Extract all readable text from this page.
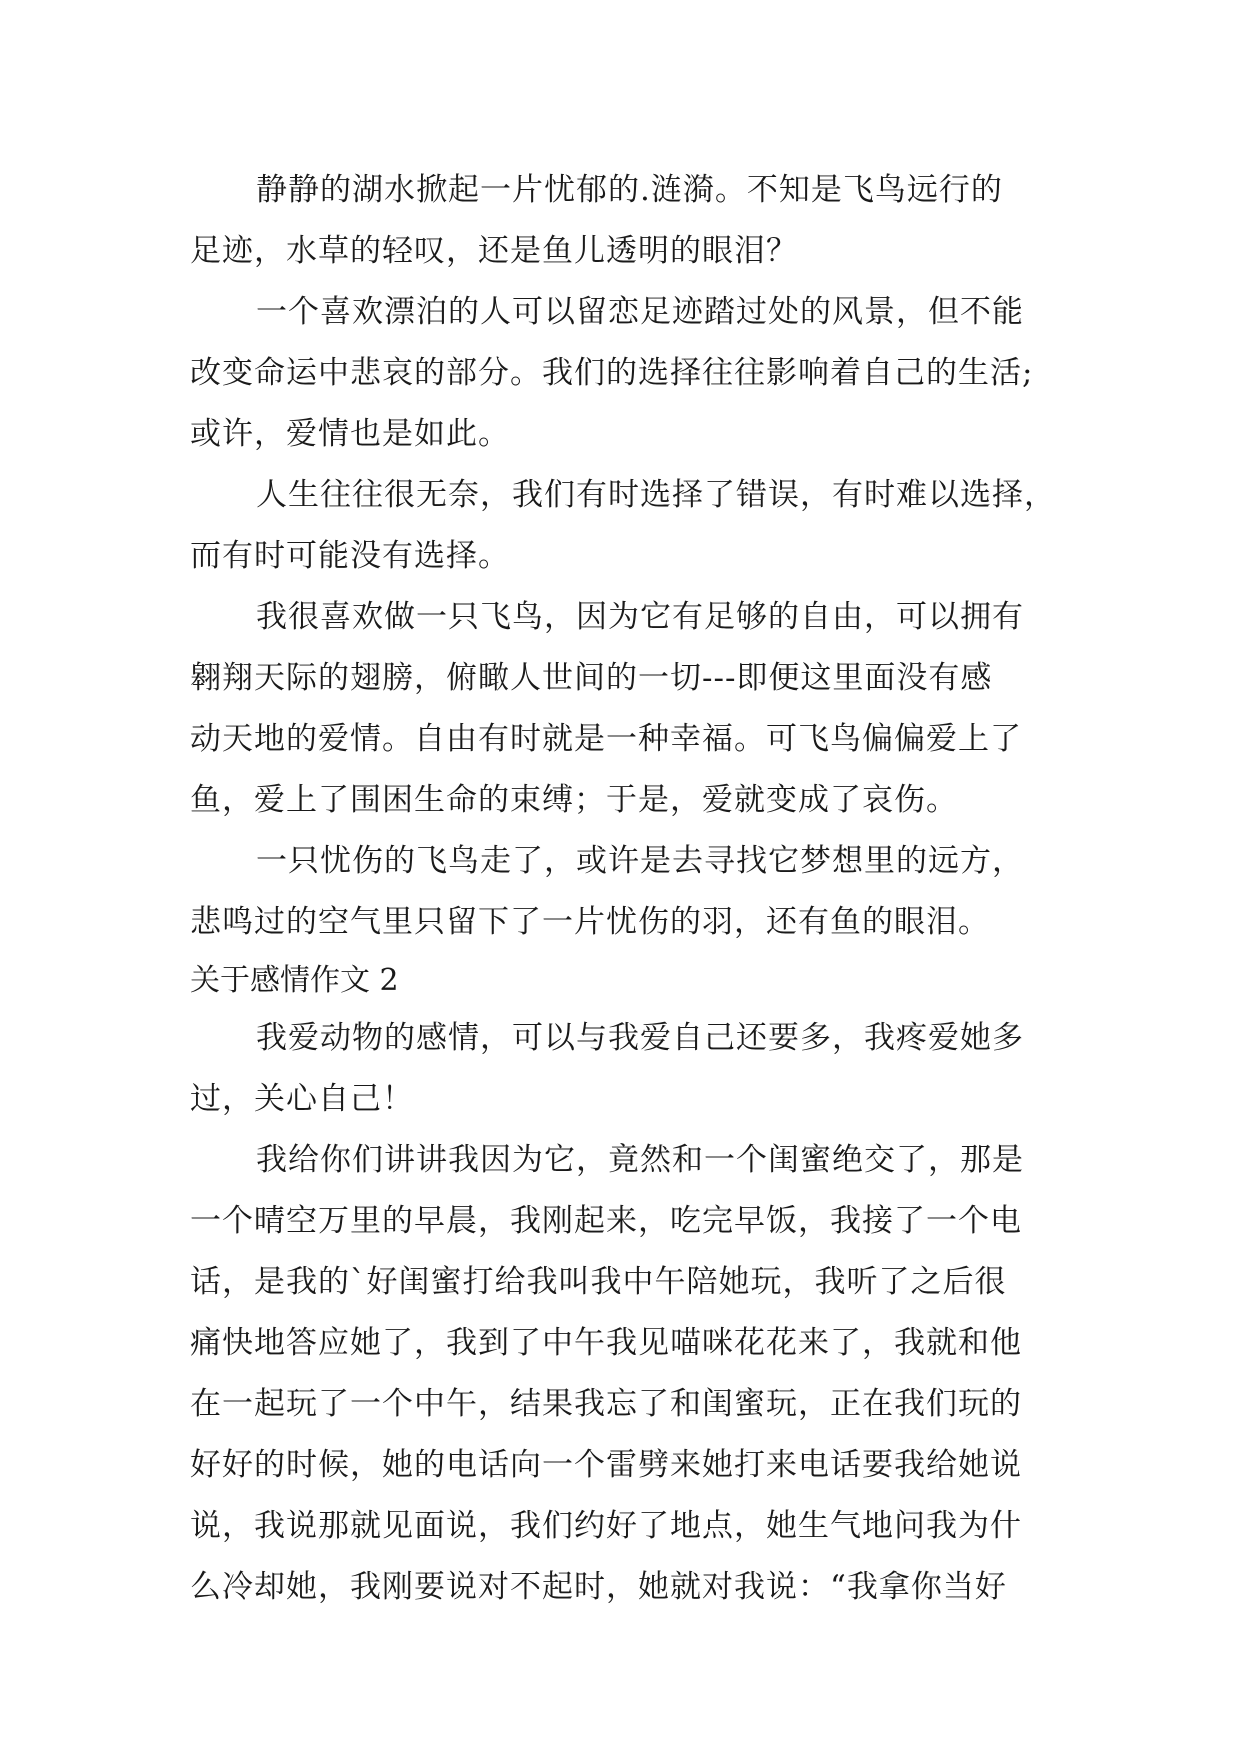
静静的湖水掀起一片忧郁的.涟漪。不知是飞鸟远行的
足迹，水草的轻叹，还是鱼儿透明的眼泪？
一个喜欢漂泊的人可以留恋足迹踏过处的风景，但不能
改变命运中悲哀的部分。我们的选择往往影响着自己的生活;
或许，爱情也是如此。
人生往往很无奈，我们有时选择了错误，有时难以选择，
而有时可能没有选择。
我很喜欢做一只飞鸟，因为它有足够的自由，可以拥有
翱翔天际的翅膀，俯瞰人世间的一切---即便这里面没有感
动天地的爱情。自由有时就是一种幸福。可飞鸟偏偏爱上了
鱼，爱上了围困生命的束缚；于是，爱就变成了哀伤。
一只忧伤的飞鸟走了，或许是去寻找它梦想里的远方，
悲鸣过的空气里只留下了一片忧伤的羽，还有鱼的眼泪。
关于感情作文 2
我爱动物的感情，可以与我爱自己还要多，我疼爱她多
过，关心自己！
我给你们讲讲我因为它，竟然和一个闺蜜绝交了，那是
一个晴空万里的早晨，我刚起来，吃完早饭，我接了一个电
话，是我的`好闺蜜打给我叫我中午陪她玩，我听了之后很
痛快地答应她了，我到了中午我见喵咪花花来了，我就和他
在一起玩了一个中午，结果我忘了和闺蜜玩，正在我们玩的
好好的时候，她的电话向一个雷劈来她打来电话要我给她说
说，我说那就见面说，我们约好了地点，她生气地问我为什
么冷却她，我刚要说对不起时，她就对我说：“我拿你当好
